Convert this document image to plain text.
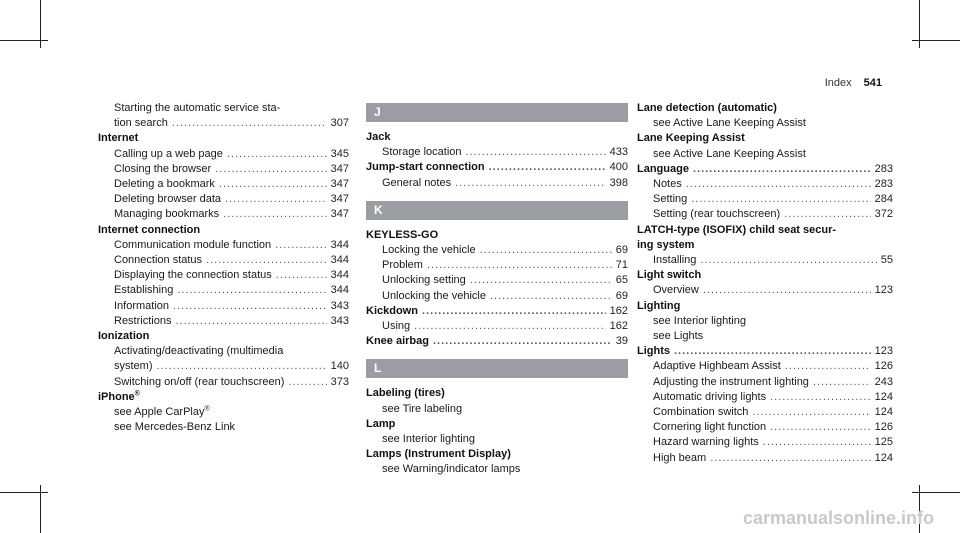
Index 541
Starting the automatic service sta-
tion search .....	307
Internet
Calling up a web page .....	345
Closing the browser .....	347
Deleting a bookmark .....	347
Deleting browser data .....	347
Managing bookmarks .....	347
Internet connection
Communication module function .....	344
Connection status .....	344
Displaying the connection status .....	344
Establishing .....	344
Information .....	343
Restrictions .....	343
Ionization
Activating/deactivating (multimedia
system) .....	140
Switching on/off (rear touchscreen) .....	373
iPhone®
see Apple CarPlay®
see Mercedes-Benz Link
J
Jack
Storage location .....	433
Jump-start connection .....	400
General notes .....	398
K
KEYLESS-GO
Locking the vehicle .....	69
Problem .....	71
Unlocking setting .....	65
Unlocking the vehicle .....	69
Kickdown .....	162
Using .....	162
Knee airbag .....	39
L
Labeling (tires)
see Tire labeling
Lamp
see Interior lighting
Lamps (Instrument Display)
see Warning/indicator lamps
Lane detection (automatic)
see Active Lane Keeping Assist
Lane Keeping Assist
see Active Lane Keeping Assist
Language .....	283
Notes .....	283
Setting .....	284
Setting (rear touchscreen) .....	372
LATCH-type (ISOFIX) child seat secur-
ing system
Installing .....	55
Light switch
Overview .....	123
Lighting
see Interior lighting
see Lights
Lights .....	123
Adaptive Highbeam Assist .....	126
Adjusting the instrument lighting .....	243
Automatic driving lights .....	124
Combination switch .....	124
Cornering light function .....	126
Hazard warning lights .....	125
High beam .....	124
carmanualsonline.info
